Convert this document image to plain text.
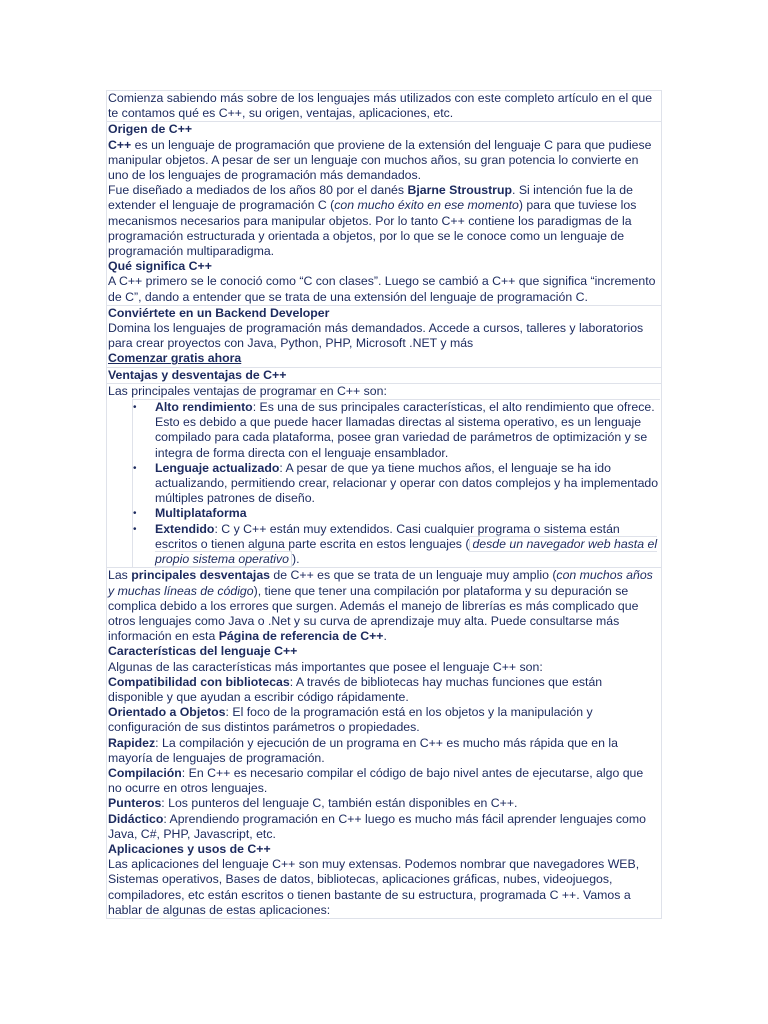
Comienza sabiendo más sobre de los lenguajes más utilizados con este completo artículo en el que te contamos qué es C++, su origen, ventajas, aplicaciones, etc.

Origen de C++

C++ es un lenguaje de programación que proviene de la extensión del lenguaje C para que pudiese manipular objetos. A pesar de ser un lenguaje con muchos años, su gran potencia lo convierte en uno de los lenguajes de programación más demandados.

Fue diseñado a mediados de los años 80 por el danés Bjarne Stroustrup. Si intención fue la de extender el lenguaje de programación C (con mucho éxito en ese momento) para que tuviese los mecanismos necesarios para manipular objetos. Por lo tanto C++ contiene los paradigmas de la programación estructurada y orientada a objetos, por lo que se le conoce como un lenguaje de programación multiparadigma.

Qué significa C++

A C++ primero se le conoció como “C con clases”. Luego se cambió a C++ que significa “incremento de C”, dando a entender que se trata de una extensión del lenguaje de programación C.

Conviértete en un Backend Developer

Domina los lenguajes de programación más demandados. Accede a cursos, talleres y laboratorios para crear proyectos con Java, Python, PHP, Microsoft .NET y más

Comenzar gratis ahora

Ventajas y desventajas de C++

Las principales ventajas de programar en C++ son:

• Alto rendimiento: Es una de sus principales características, el alto rendimiento que ofrece. Esto es debido a que puede hacer llamadas directas al sistema operativo, es un lenguaje compilado para cada plataforma, posee gran variedad de parámetros de optimización y se integra de forma directa con el lenguaje ensamblador.
• Lenguaje actualizado: A pesar de que ya tiene muchos años, el lenguaje se ha ido actualizando, permitiendo crear, relacionar y operar con datos complejos y ha implementado múltiples patrones de diseño.
• Multiplataforma
• Extendido: C y C++ están muy extendidos. Casi cualquier programa o sistema están escritos o tienen alguna parte escrita en estos lenguajes ( desde un navegador web hasta el propio sistema operativo ).

Las principales desventajas de C++ es que se trata de un lenguaje muy amplio (con muchos años y muchas líneas de código), tiene que tener una compilación por plataforma y su depuración se complica debido a los errores que surgen. Además el manejo de librerías es más complicado que otros lenguajes como Java o .Net y su curva de aprendizaje muy alta. Puede consultarse más información en esta Página de referencia de C++.

Características del lenguaje C++

Algunas de las características más importantes que posee el lenguaje C++ son:

Compatibilidad con bibliotecas: A través de bibliotecas hay muchas funciones que están disponible y que ayudan a escribir código rápidamente.

Orientado a Objetos: El foco de la programación está en los objetos y la manipulación y configuración de sus distintos parámetros o propiedades.

Rapidez: La compilación y ejecución de un programa en C++ es mucho más rápida que en la mayoría de lenguajes de programación.

Compilación: En C++ es necesario compilar el código de bajo nivel antes de ejecutarse, algo que no ocurre en otros lenguajes.

Punteros: Los punteros del lenguaje C, también están disponibles en C++.

Didáctico: Aprendiendo programación en C++ luego es mucho más fácil aprender lenguajes como Java, C#, PHP, Javascript, etc.

Aplicaciones y usos de C++

Las aplicaciones del lenguaje C++ son muy extensas. Podemos nombrar que navegadores WEB, Sistemas operativos, Bases de datos, bibliotecas, aplicaciones gráficas, nubes, videojuegos, compiladores, etc están escritos o tienen bastante de su estructura, programada C ++. Vamos a hablar de algunas de estas aplicaciones:
